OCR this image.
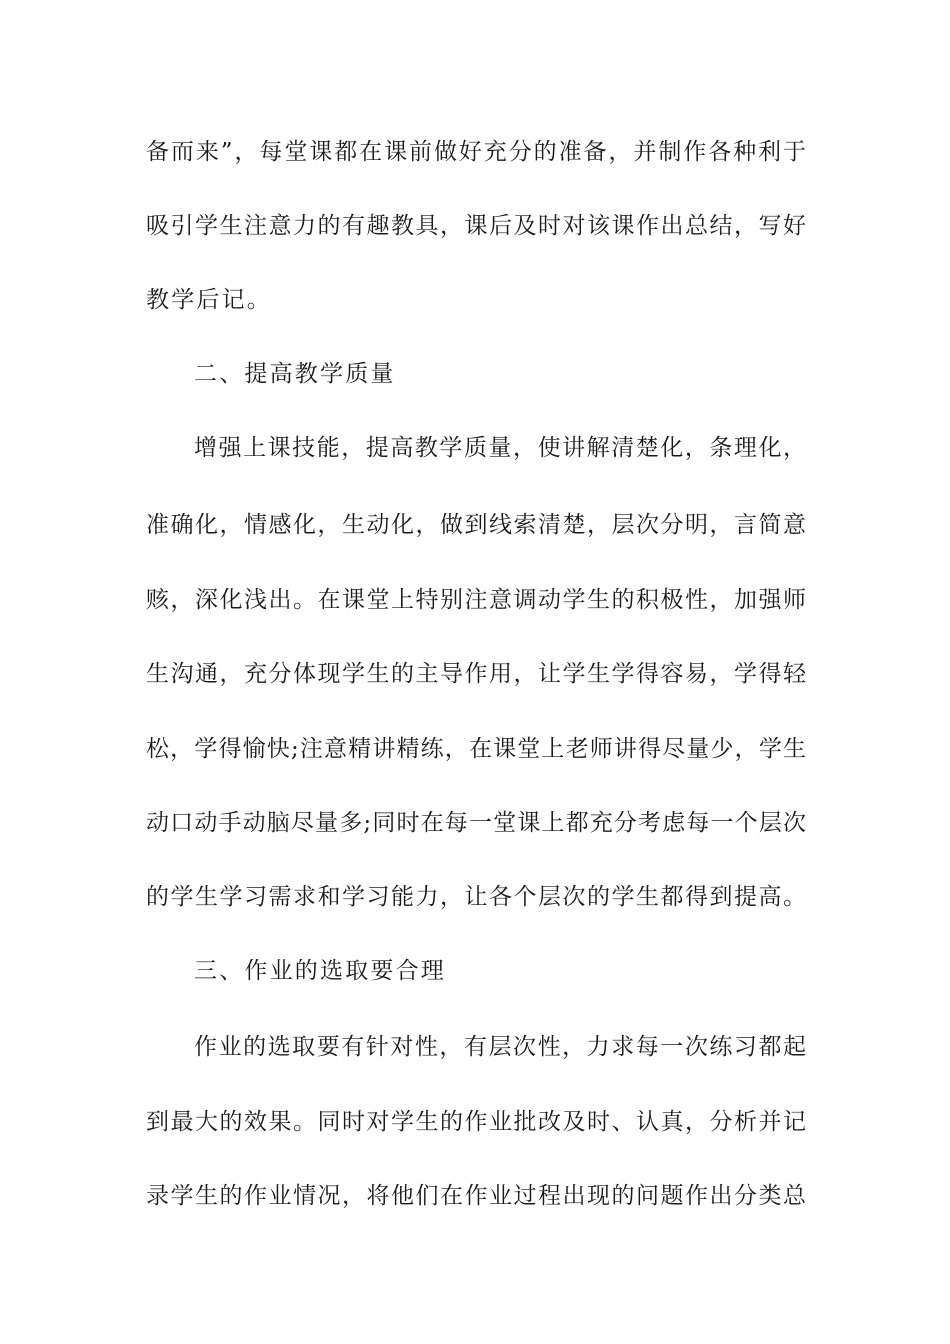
备而来”，每堂课都在课前做好充分的准备，并制作各种利于
吸引学生注意力的有趣教具，课后及时对该课作出总结，写好
教学后记。
二、提高教学质量
增强上课技能，提高教学质量，使讲解清楚化，条理化，
准确化，情感化，生动化，做到线索清楚，层次分明，言简意
赅，深化浅出。在课堂上特别注意调动学生的积极性，加强师
生沟通，充分体现学生的主导作用，让学生学得容易，学得轻
松，学得愉快;注意精讲精练，在课堂上老师讲得尽量少，学生
动口动手动脑尽量多;同时在每一堂课上都充分考虑每一个层次
的学生学习需求和学习能力，让各个层次的学生都得到提高。
三、作业的选取要合理
作业的选取要有针对性，有层次性，力求每一次练习都起
到最大的效果。同时对学生的作业批改及时、认真，分析并记
录学生的作业情况，将他们在作业过程出现的问题作出分类总
